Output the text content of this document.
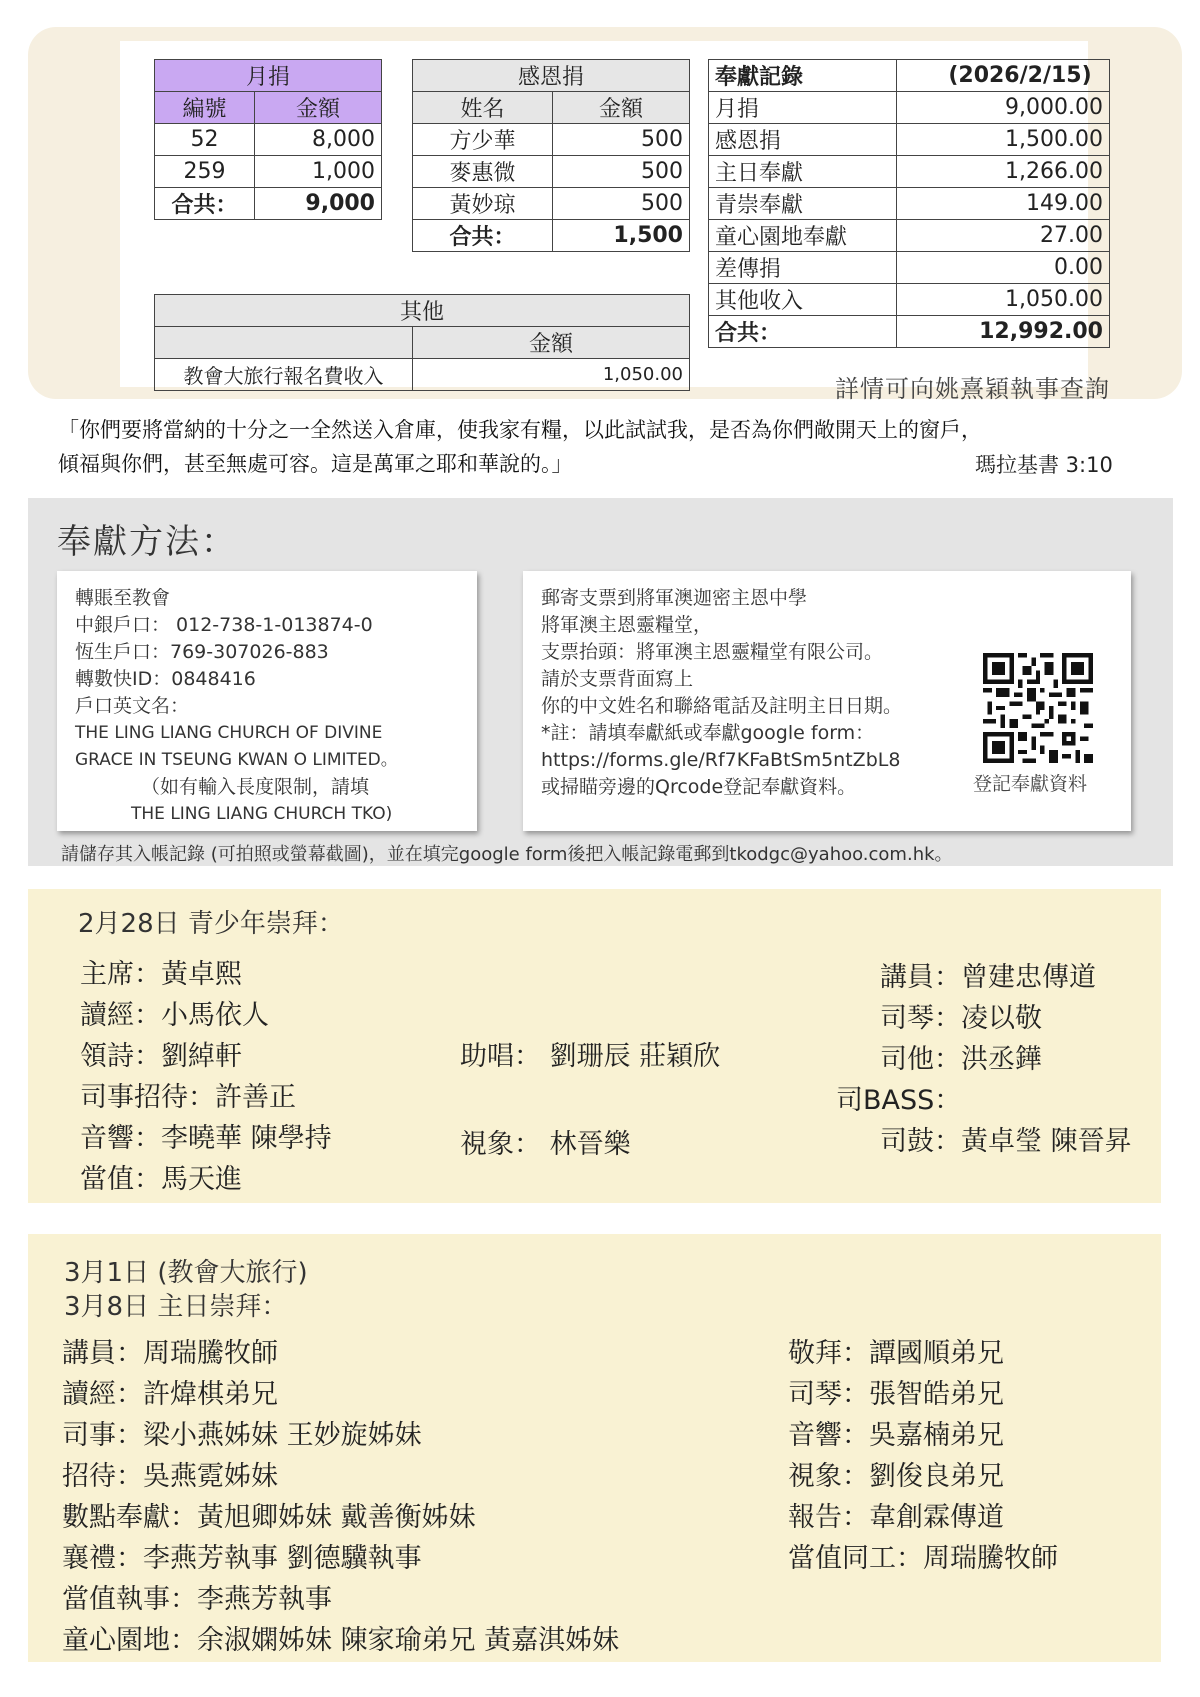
月捐	
編號	金額
52	8,000
259	1,000
合共：	9,000
感恩捐	
姓名	金額
方少華	500
麥惠微	500
黃妙琼	500
合共：	1,500
其他	
	金額
教會大旅行報名費收入	1,050.00
奉獻記錄	(2026/2/15)
月捐	9,000.00
感恩捐	1,500.00
主日奉獻	1,266.00
青崇奉獻	149.00
童心園地奉獻	27.00
差傳捐	0.00
其他收入	1,050.00
合共：	12,992.00
詳情可向姚熹穎執事查詢
「你們要將當納的十分之一全然送入倉庫，使我家有糧，以此試試我，是否為你們敞開天上的窗戶，
傾福與你們，甚至無處可容。這是萬軍之耶和華說的。」	瑪拉基書 3:10
奉獻方法：
轉賬至教會
中銀戶口： 012-738-1-013874-0
恆生戶口：769-307026-883
轉數快ID：0848416
戶口英文名：
THE LING LIANG CHURCH OF DIVINE
GRACE IN TSEUNG KWAN O LIMITED。
（如有輸入長度限制，請填
THE LING LIANG CHURCH TKO)
郵寄支票到將軍澳迦密主恩中學
將軍澳主恩靈糧堂，
支票抬頭：將軍澳主恩靈糧堂有限公司。
請於支票背面寫上
你的中文姓名和聯絡電話及註明主日日期。
*註：請填奉獻紙或奉獻google form：
https://forms.gle/Rf7KFaBtSm5ntZbL8
或掃瞄旁邊的Qrcode登記奉獻資料。	登記奉獻資料
請儲存其入帳記錄 (可拍照或螢幕截圖)，並在填完google form後把入帳記錄電郵到tkodgc@yahoo.com.hk。
2月28日 青少年崇拜：
主席：黃卓熙
讀經：小馬依人
領詩：劉綽軒
司事招待：許善正
音響：李曉華 陳學持
當值：馬天進
助唱： 劉珊辰 莊穎欣
視象： 林晉樂
講員：曾建忠傳道
司琴：凌以敬
司他：洪丞鏵
司BASS：
司鼓：黃卓瑩 陳晉昇
3月1日 (教會大旅行)
3月8日 主日崇拜：
講員：周瑞騰牧師
讀經：許煒棋弟兄
司事：梁小燕姊妹 王妙旋姊妹
招待：吳燕霓姊妹
數點奉獻：黃旭卿姊妹 戴善衡姊妹
襄禮：李燕芳執事 劉德驥執事
當值執事：李燕芳執事
童心園地：余淑嫻姊妹 陳家瑜弟兄 黃嘉淇姊妹
敬拜：譚國順弟兄
司琴：張智皓弟兄
音響：吳嘉楠弟兄
視象：劉俊良弟兄
報告：韋創霖傳道
當值同工：周瑞騰牧師
